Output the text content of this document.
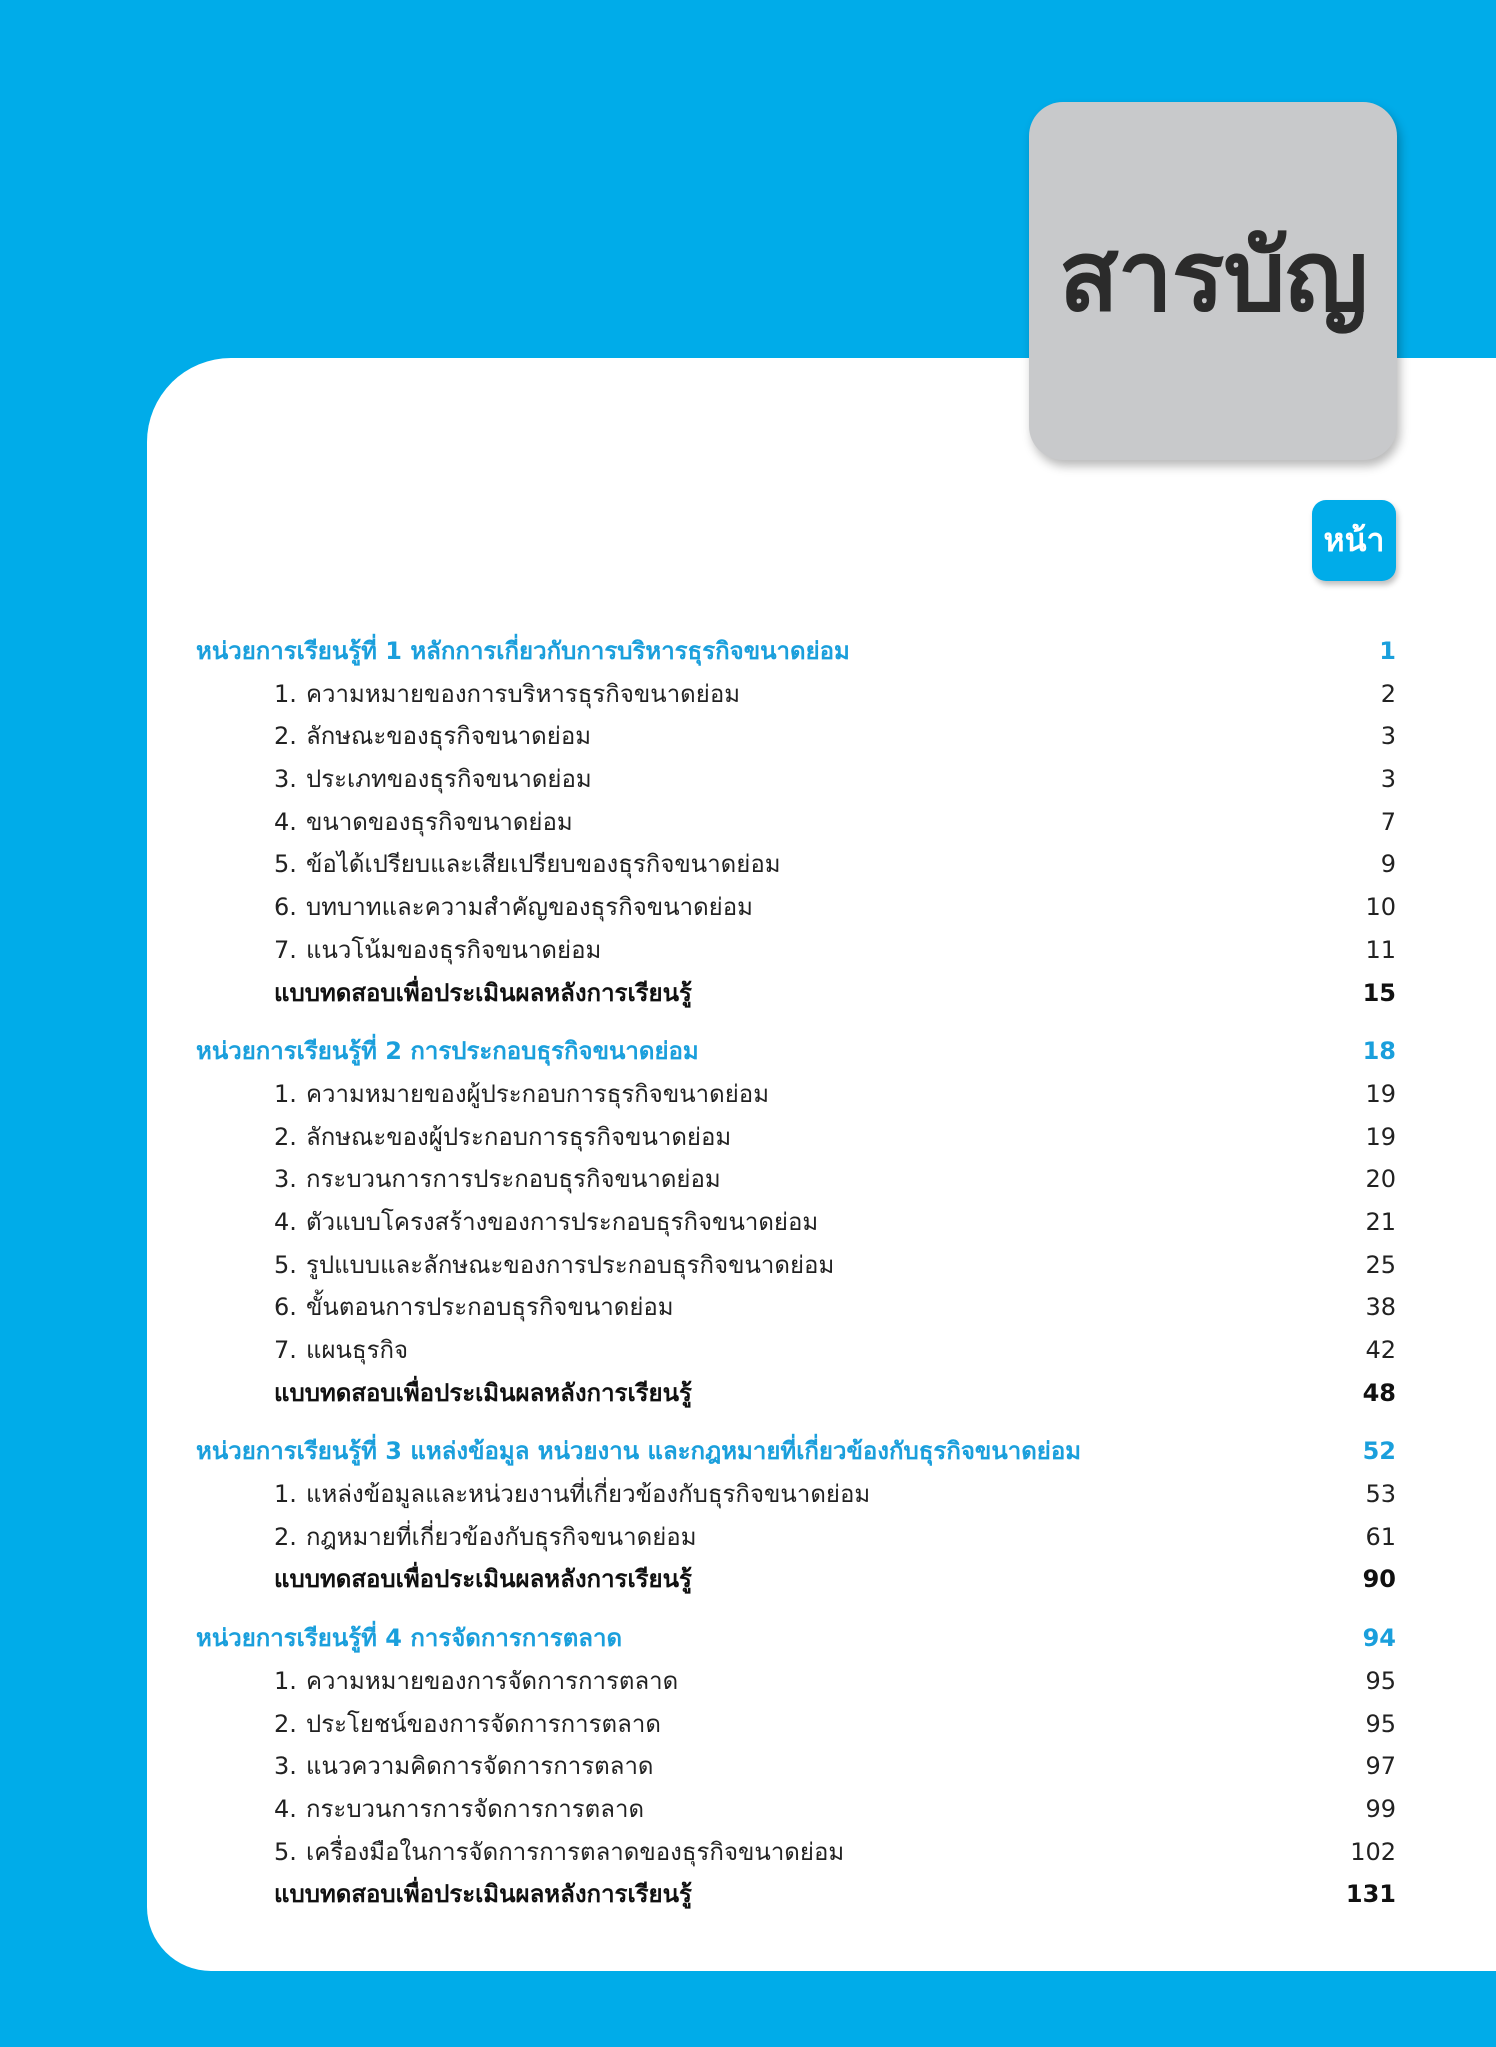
สารบัญ
หน้า
หน่วยการเรียนรู้ที่ 1 หลักการเกี่ยวกับการบริหารธุรกิจขนาดย่อม	1
1. ความหมายของการบริหารธุรกิจขนาดย่อม	2
2. ลักษณะของธุรกิจขนาดย่อม	3
3. ประเภทของธุรกิจขนาดย่อม	3
4. ขนาดของธุรกิจขนาดย่อม	7
5. ข้อได้เปรียบและเสียเปรียบของธุรกิจขนาดย่อม	9
6. บทบาทและความสำคัญของธุรกิจขนาดย่อม	10
7. แนวโน้มของธุรกิจขนาดย่อม	11
แบบทดสอบเพื่อประเมินผลหลังการเรียนรู้	15
หน่วยการเรียนรู้ที่ 2 การประกอบธุรกิจขนาดย่อม	18
1. ความหมายของผู้ประกอบการธุรกิจขนาดย่อม	19
2. ลักษณะของผู้ประกอบการธุรกิจขนาดย่อม	19
3. กระบวนการการประกอบธุรกิจขนาดย่อม	20
4. ตัวแบบโครงสร้างของการประกอบธุรกิจขนาดย่อม	21
5. รูปแบบและลักษณะของการประกอบธุรกิจขนาดย่อม	25
6. ขั้นตอนการประกอบธุรกิจขนาดย่อม	38
7. แผนธุรกิจ	42
แบบทดสอบเพื่อประเมินผลหลังการเรียนรู้	48
หน่วยการเรียนรู้ที่ 3 แหล่งข้อมูล หน่วยงาน และกฎหมายที่เกี่ยวข้องกับธุรกิจขนาดย่อม	52
1. แหล่งข้อมูลและหน่วยงานที่เกี่ยวข้องกับธุรกิจขนาดย่อม	53
2. กฎหมายที่เกี่ยวข้องกับธุรกิจขนาดย่อม	61
แบบทดสอบเพื่อประเมินผลหลังการเรียนรู้	90
หน่วยการเรียนรู้ที่ 4 การจัดการการตลาด	94
1. ความหมายของการจัดการการตลาด	95
2. ประโยชน์ของการจัดการการตลาด	95
3. แนวความคิดการจัดการการตลาด	97
4. กระบวนการการจัดการการตลาด	99
5. เครื่องมือในการจัดการการตลาดของธุรกิจขนาดย่อม	102
แบบทดสอบเพื่อประเมินผลหลังการเรียนรู้	131
